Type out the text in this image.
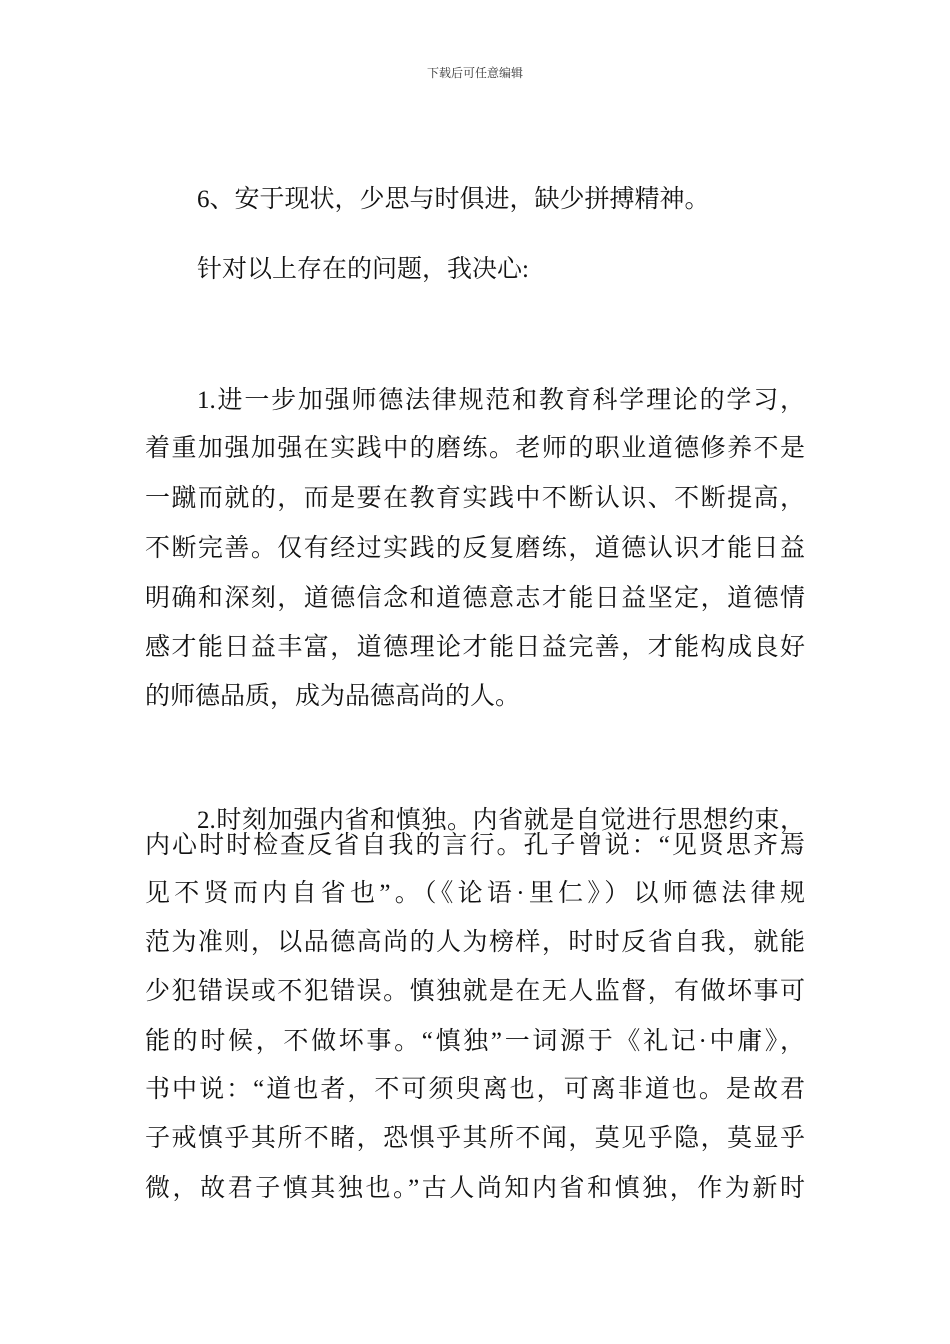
下载后可任意编辑
6、安于现状，少思与时俱进，缺少拼搏精神。
针对以上存在的问题，我决心:
1.进一步加强师德法律规范和教育科学理论的学习，
着重加强加强在实践中的磨练。老师的职业道德修养不是
一蹴而就的，而是要在教育实践中不断认识、不断提高，
不断完善。仅有经过实践的反复磨练，道德认识才能日益
明确和深刻，道德信念和道德意志才能日益坚定，道德情
感才能日益丰富，道德理论才能日益完善，才能构成良好
的师德品质，成为品德高尚的人。
2.时刻加强内省和慎独。内省就是自觉进行思想约束，
内心时时检查反省自我的言行。孔子曾说：“见贤思齐焉
见不贤而内自省也”。（《论语·里仁》）以师德法律规
范为准则，以品德高尚的人为榜样，时时反省自我，就能
少犯错误或不犯错误。慎独就是在无人监督，有做坏事可
能的时候，不做坏事。“慎独”一词源于《礼记·中庸》，
书中说：“道也者，不可须臾离也，可离非道也。是故君
子戒慎乎其所不睹，恐惧乎其所不闻，莫见乎隐，莫显乎
微，故君子慎其独也。”古人尚知内省和慎独，作为新时
